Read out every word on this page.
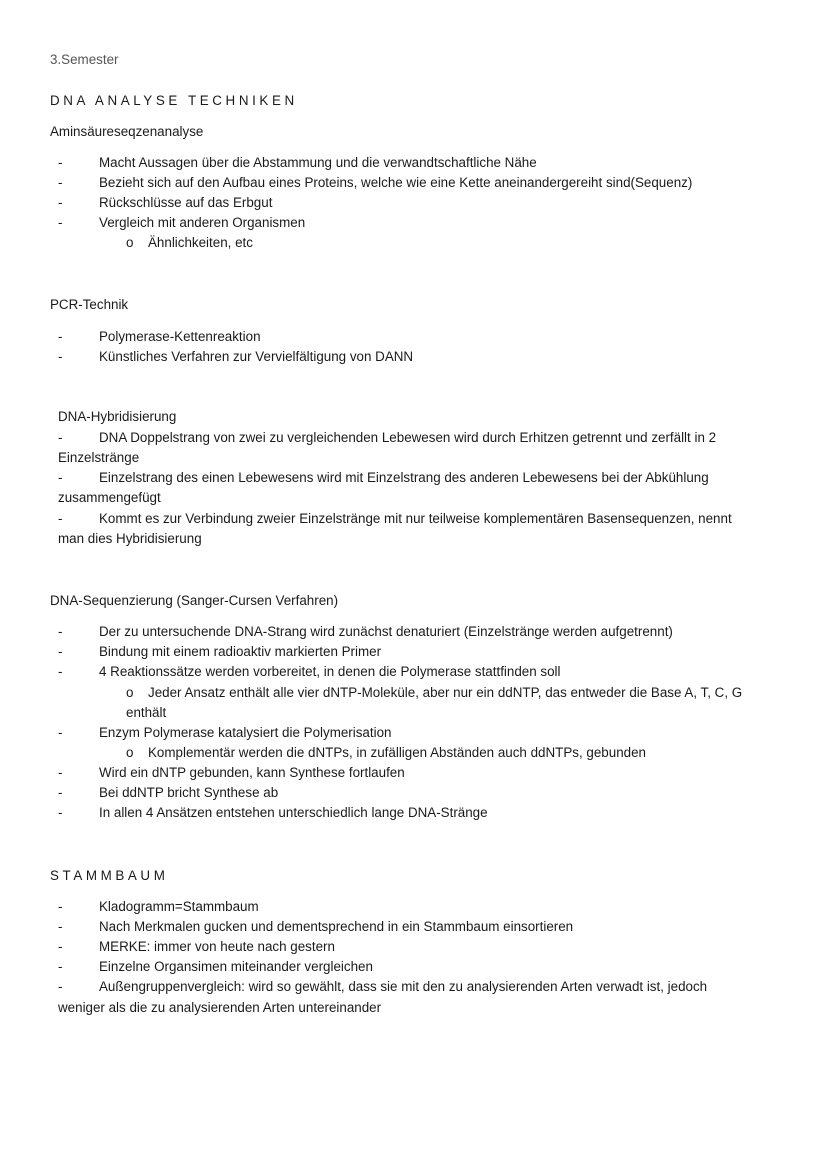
3.Semester
DNA ANALYSE TECHNIKEN
Aminsäureseqzenanalyse
-	Macht Aussagen über die Abstammung und die verwandtschaftliche Nähe
-	Bezieht sich auf den Aufbau eines Proteins, welche wie eine Kette aneinandergereiht sind(Sequenz)
-	Rückschlüsse auf das Erbgut
-	Vergleich mit anderen Organismen
o Ähnlichkeiten, etc
PCR-Technik
-	Polymerase-Kettenreaktion
-	Künstliches Verfahren zur Vervielfältigung von DANN
DNA-Hybridisierung
-	DNA Doppelstrang von zwei zu vergleichenden Lebewesen wird durch Erhitzen getrennt und zerfällt in 2
Einzelstränge
-	Einzelstrang des einen Lebewesens wird mit Einzelstrang des anderen Lebewesens bei der Abkühlung
zusammengefügt
-	Kommt es zur Verbindung zweier Einzelstränge mit nur teilweise komplementären Basensequenzen, nennt
man dies Hybridisierung
DNA-Sequenzierung (Sanger-Cursen Verfahren)
-	Der zu untersuchende DNA-Strang wird zunächst denaturiert (Einzelstränge werden aufgetrennt)
-	Bindung mit einem radioaktiv markierten Primer
-	4 Reaktionssätze werden vorbereitet, in denen die Polymerase stattfinden soll
o Jeder Ansatz enthält alle vier dNTP-Moleküle, aber nur ein ddNTP, das entweder die Base A, T, C, G
enthält
-	Enzym Polymerase katalysiert die Polymerisation
o Komplementär werden die dNTPs, in zufälligen Abständen auch ddNTPs, gebunden
-	Wird ein dNTP gebunden, kann Synthese fortlaufen
-	Bei ddNTP bricht Synthese ab
-	In allen 4 Ansätzen entstehen unterschiedlich lange DNA-Stränge
STAMMBAUM
-	Kladogramm=Stammbaum
-	Nach Merkmalen gucken und dementsprechend in ein Stammbaum einsortieren
-	MERKE: immer von heute nach gestern
-	Einzelne Organsimen miteinander vergleichen
-	Außengruppenvergleich: wird so gewählt, dass sie mit den zu analysierenden Arten verwadt ist, jedoch
weniger als die zu analysierenden Arten untereinander
